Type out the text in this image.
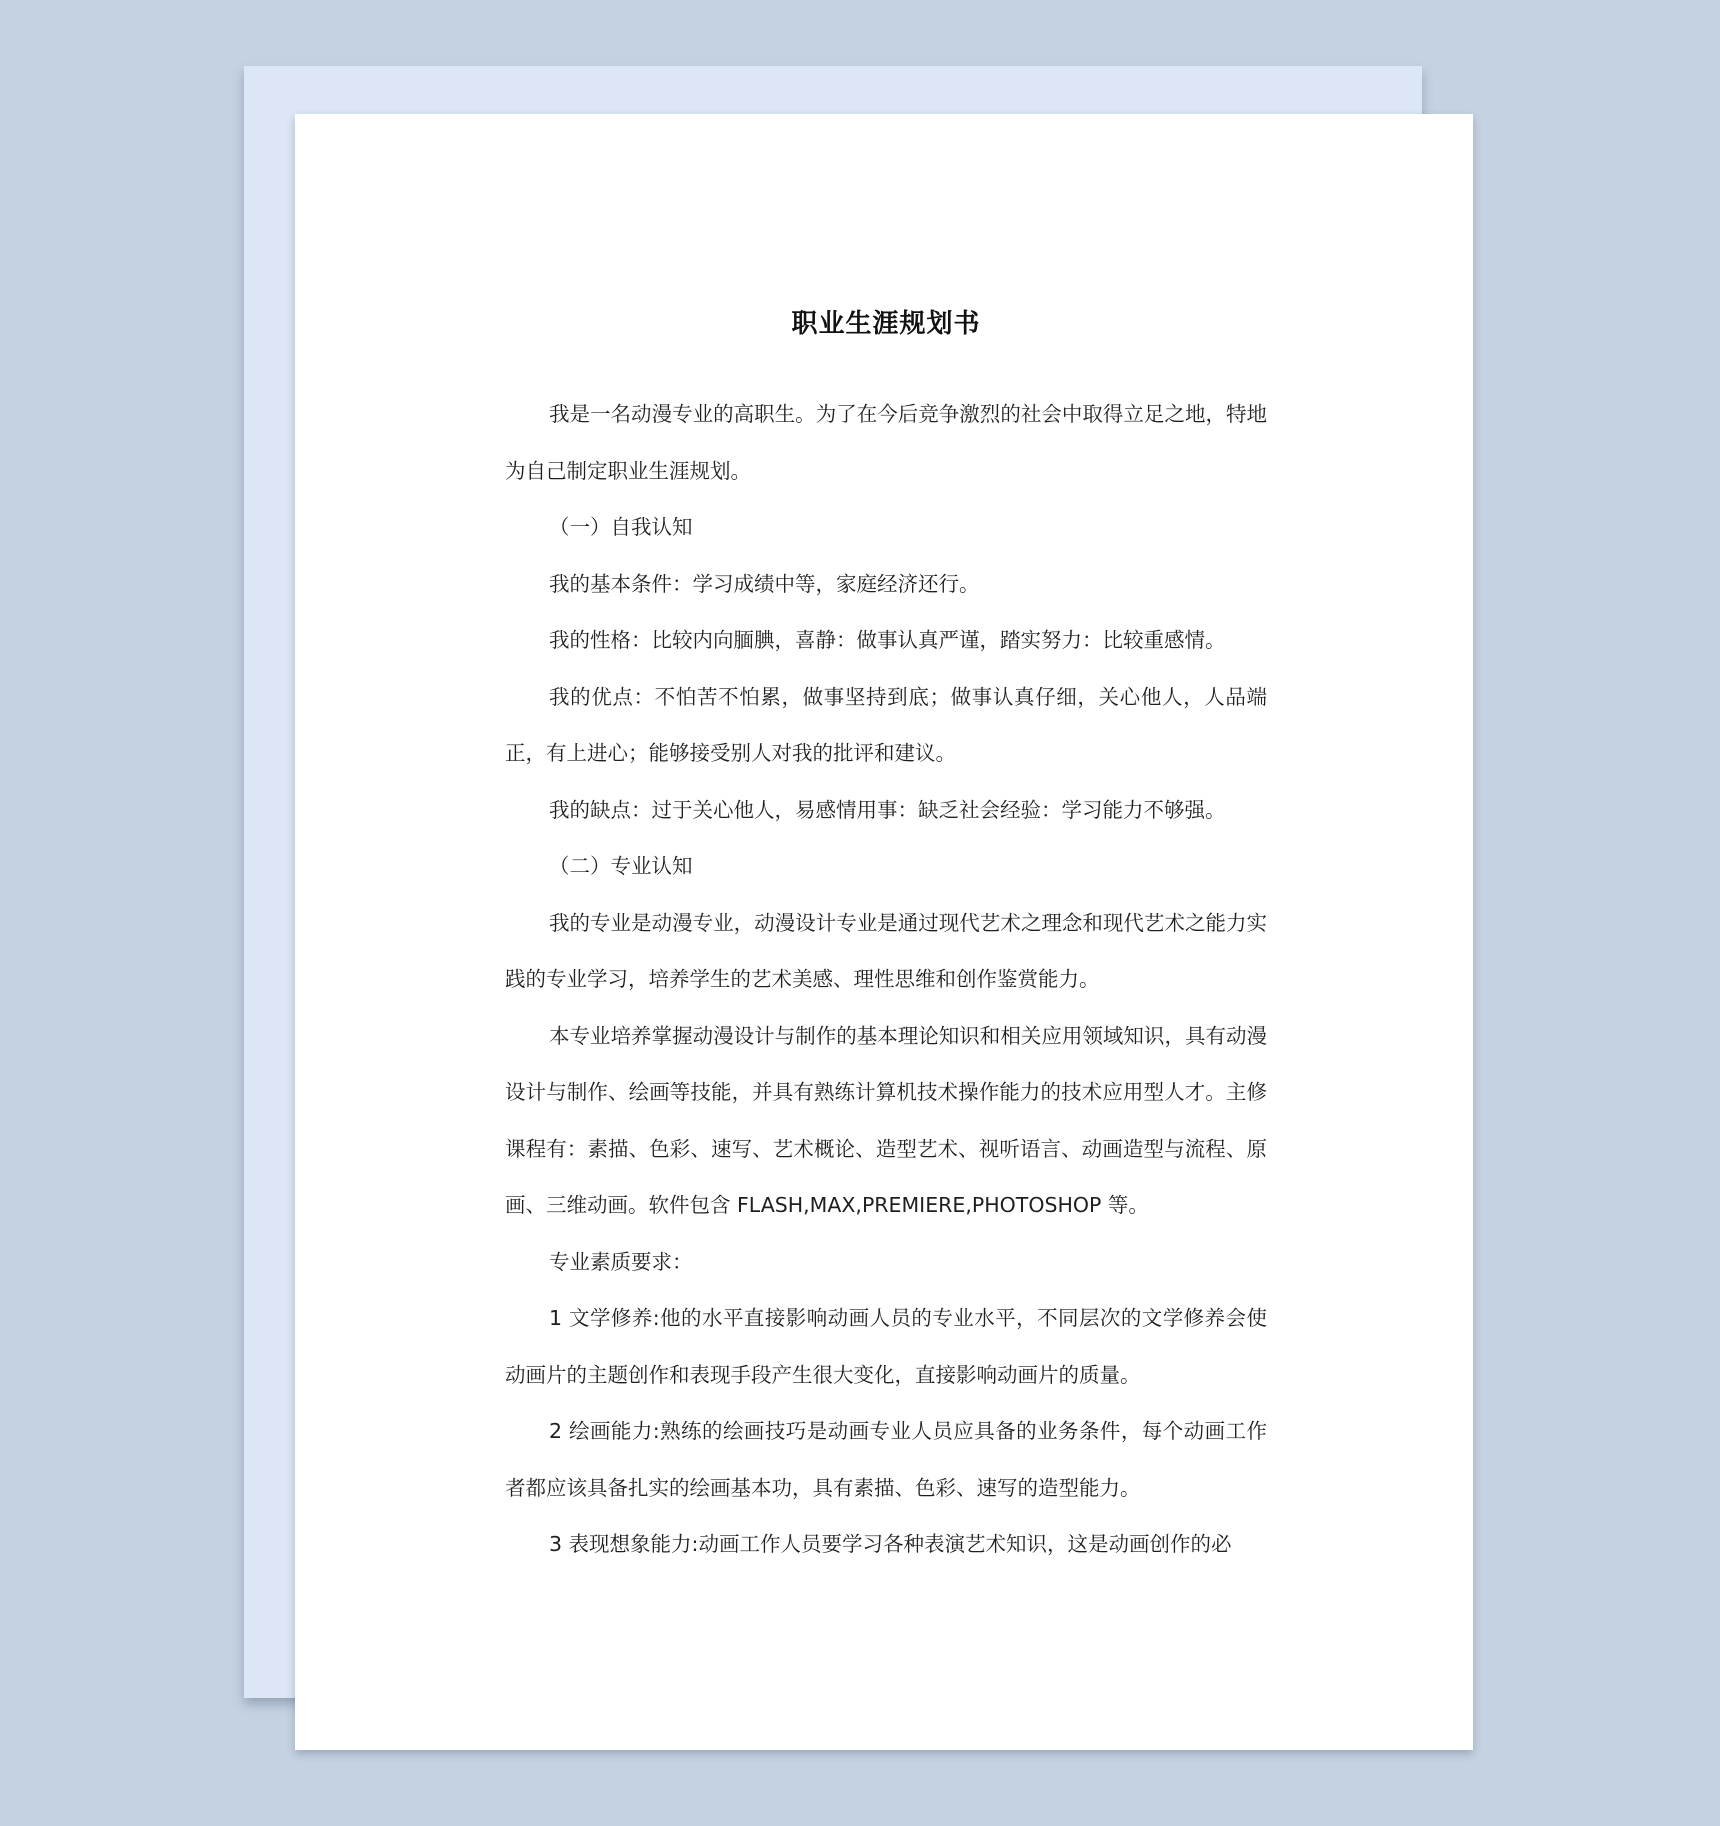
职业生涯规划书

我是一名动漫专业的高职生。为了在今后竞争激烈的社会中取得立足之地，特地为自己制定职业生涯规划。

（一）自我认知

我的基本条件：学习成绩中等，家庭经济还行。

我的性格：比较内向腼腆，喜静：做事认真严谨，踏实努力：比较重感情。

我的优点：不怕苦不怕累，做事坚持到底；做事认真仔细，关心他人，人品端正，有上进心；能够接受别人对我的批评和建议。

我的缺点：过于关心他人，易感情用事：缺乏社会经验：学习能力不够强。

（二）专业认知

我的专业是动漫专业，动漫设计专业是通过现代艺术之理念和现代艺术之能力实践的专业学习，培养学生的艺术美感、理性思维和创作鉴赏能力。

本专业培养掌握动漫设计与制作的基本理论知识和相关应用领域知识，具有动漫设计与制作、绘画等技能，并具有熟练计算机技术操作能力的技术应用型人才。主修课程有：素描、色彩、速写、艺术概论、造型艺术、视听语言、动画造型与流程、原画、三维动画。软件包含 FLASH,MAX,PREMIERE,PHOTOSHOP 等。

专业素质要求：

1 文学修养:他的水平直接影响动画人员的专业水平，不同层次的文学修养会使动画片的主题创作和表现手段产生很大变化，直接影响动画片的质量。

2 绘画能力:熟练的绘画技巧是动画专业人员应具备的业务条件，每个动画工作者都应该具备扎实的绘画基本功，具有素描、色彩、速写的造型能力。

3 表现想象能力:动画工作人员要学习各种表演艺术知识，这是动画创作的必
